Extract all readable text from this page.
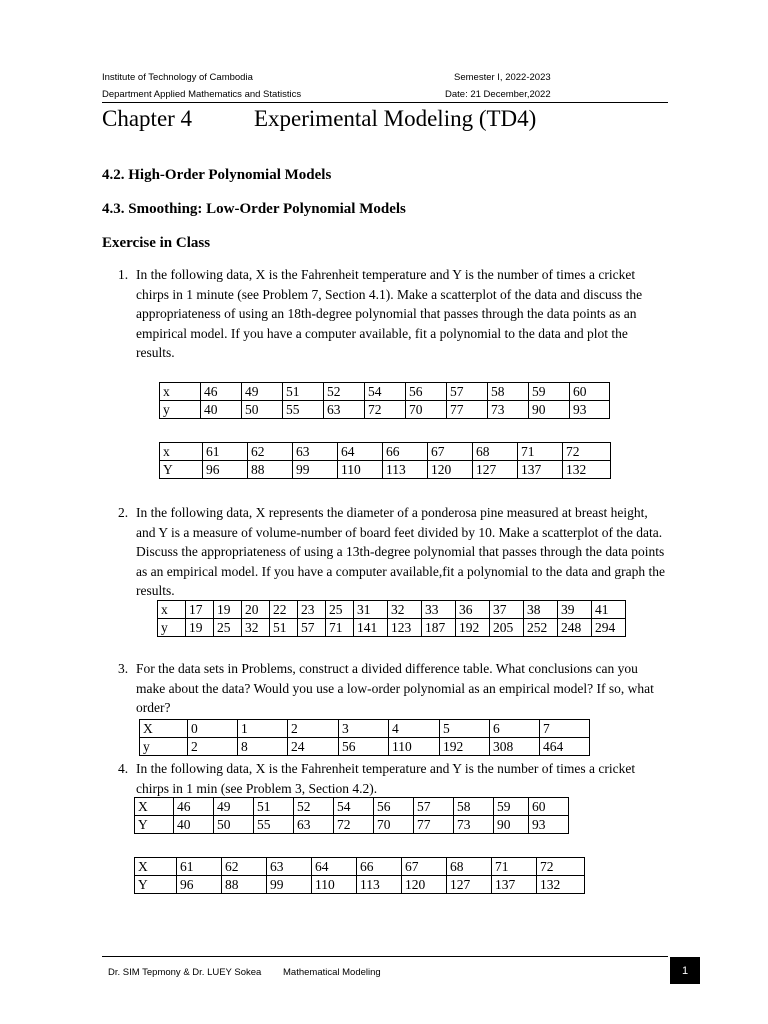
Institute of Technology of Cambodia
Department Applied Mathematics and Statistics
Semester I, 2022-2023
Date: 21 December,2022
Chapter 4	Experimental Modeling (TD4)
4.2. High-Order Polynomial Models
4.3. Smoothing: Low-Order Polynomial Models
Exercise in Class
1. In the following data, X is the Fahrenheit temperature and Y is the number of times a cricket
chirps in 1 minute (see Problem 7, Section 4.1). Make a scatterplot of the data and discuss the
appropriateness of using an 18th-degree polynomial that passes through the data points as an
empirical model. If you have a computer available, fit a polynomial to the data and plot the
results.
x	46	49	51	52	54	56	57	58	59	60
y	40	50	55	63	72	70	77	73	90	93
x	61	62	63	64	66	67	68	71	72
Y	96	88	99	110	113	120	127	137	132
2. In the following data, X represents the diameter of a ponderosa pine measured at breast height,
and Y is a measure of volume-number of board feet divided by 10. Make a scatterplot of the data.
Discuss the appropriateness of using a 13th-degree polynomial that passes through the data points
as an empirical model. If you have a computer available,fit a polynomial to the data and graph the
results.
x	17	19	20	22	23	25	31	32	33	36	37	38	39	41
y	19	25	32	51	57	71	141	123	187	192	205	252	248	294
3. For the data sets in Problems, construct a divided difference table. What conclusions can you
make about the data? Would you use a low-order polynomial as an empirical model? If so, what
order?
X	0	1	2	3	4	5	6	7
y	2	8	24	56	110	192	308	464
4. In the following data, X is the Fahrenheit temperature and Y is the number of times a cricket
chirps in 1 min (see Problem 3, Section 4.2).
X	46	49	51	52	54	56	57	58	59	60
Y	40	50	55	63	72	70	77	73	90	93
X	61	62	63	64	66	67	68	71	72
Y	96	88	99	110	113	120	127	137	132
Dr. SIM Tepmony & Dr. LUEY Sokea Mathematical Modeling	1
